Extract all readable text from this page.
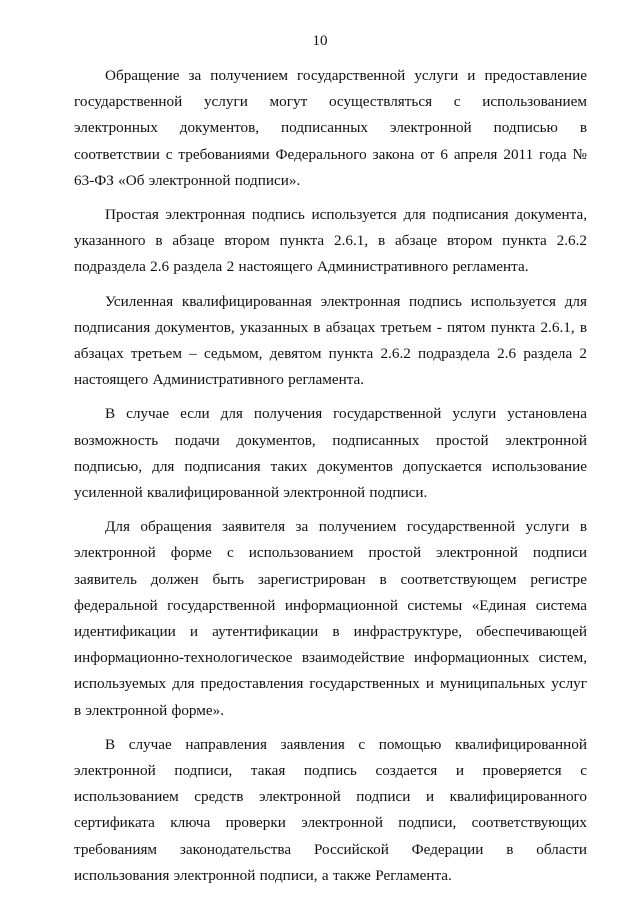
10

Обращение за получением государственной услуги и предоставление государственной услуги могут осуществляться с использованием электронных документов, подписанных электронной подписью в соответствии с требованиями Федерального закона от 6 апреля 2011 года № 63-ФЗ «Об электронной подписи».

Простая электронная подпись используется для подписания документа, указанного в абзаце втором пункта 2.6.1, в абзаце втором пункта 2.6.2 подраздела 2.6 раздела 2 настоящего Административного регламента.

Усиленная квалифицированная электронная подпись используется для подписания документов, указанных в абзацах третьем - пятом пункта 2.6.1, в абзацах третьем – седьмом, девятом пункта 2.6.2 подраздела 2.6 раздела 2 настоящего Административного регламента.

В случае если для получения государственной услуги установлена возможность подачи документов, подписанных простой электронной подписью, для подписания таких документов допускается использование усиленной квалифицированной электронной подписи.

Для обращения заявителя за получением государственной услуги в электронной форме с использованием простой электронной подписи заявитель должен быть зарегистрирован в соответствующем регистре федеральной государственной информационной системы «Единая система идентификации и аутентификации в инфраструктуре, обеспечивающей информационно-технологическое взаимодействие информационных систем, используемых для предоставления государственных и муниципальных услуг в электронной форме».

В случае направления заявления с помощью квалифицированной электронной подписи, такая подпись создается и проверяется с использованием средств электронной подписи и квалифицированного сертификата ключа проверки электронной подписи, соответствующих требованиям законодательства Российской Федерации в области использования электронной подписи, а также Регламента.
